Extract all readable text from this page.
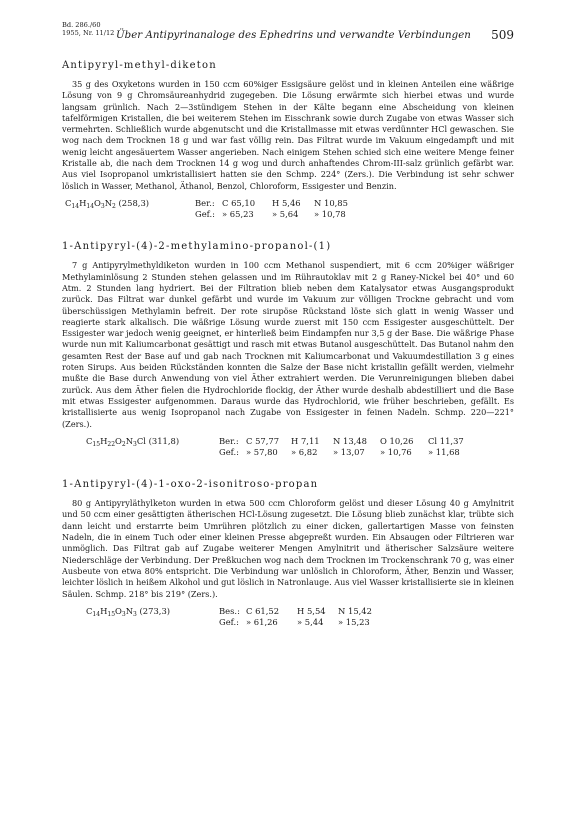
Bd. 286./60
1955, Nr. 11/12 Über Antipyrinanaloge des Ephedrins und verwandte Verbindungen 509
Antipyryl-methyl-diketon

35 g des Oxyketons wurden in 150 ccm 60%iger Essigsäure gelöst und in kleinen Anteilen eine wäßrige Lösung von 9 g Chromsäureanhydrid zugegeben. Die Lösung erwärmte sich hierbei etwas und wurde langsam grünlich. Nach 2—3stündigem Stehen in der Kälte begann eine Abscheidung von kleinen tafelförmigen Kristallen, die bei weiterem Stehen im Eisschrank sowie durch Zugabe von etwas Wasser sich vermehrten. Schließlich wurde abgenutscht und die Kristallmasse mit etwas verdünnter HCl gewaschen. Sie wog nach dem Trocknen 18 g und war fast völlig rein. Das Filtrat wurde im Vakuum eingedampft und mit wenig leicht angesäuertem Wasser angerieben. Nach einigem Stehen schied sich eine weitere Menge feiner Kristalle ab, die nach dem Trocknen 14 g wog und durch anhaftendes Chrom-III-salz grünlich gefärbt war. Aus viel Isopropanol umkristallisiert hatten sie den Schmp. 224° (Zers.). Die Verbindung ist sehr schwer löslich in Wasser, Methanol, Äthanol, Benzol, Chloroform, Essigester und Benzin.

$C_{14}H_{14}O_3N_2$ (258,3)	Ber.: C 65,10 H 5,46 N 10,85
Gef.: » 65,23 » 5,64 » 10,78
1-Antipyryl-(4)-2-methylamino-propanol-(1)

7 g Antipyrylmethyldiketon wurden in 100 ccm Methanol suspendiert, mit 6 ccm 20%iger wäßriger Methylaminlösung 2 Stunden stehen gelassen und im Rührautoklav mit 2 g Raney-Nickel bei 40° und 60 Atm. 2 Stunden lang hydriert. Bei der Filtration blieb neben dem Katalysator etwas Ausgangsprodukt zurück. Das Filtrat war dunkel gefärbt und wurde im Vakuum zur völligen Trockne gebracht und vom überschüssigen Methylamin befreit. Der rote sirupöse Rückstand löste sich glatt in wenig Wasser und reagierte stark alkalisch. Die wäßrige Lösung wurde zuerst mit 150 ccm Essigester ausgeschüttelt. Der Essigester war jedoch wenig geeignet, er hinterließ beim Eindampfen nur 3,5 g der Base. Die wäßrige Phase wurde nun mit Kaliumcarbonat gesättigt und rasch mit etwas Butanol ausgeschüttelt. Das Butanol nahm den gesamten Rest der Base auf und gab nach Trocknen mit Kaliumcarbonat und Vakuumdestillation 3 g eines roten Sirups. Aus beiden Rückständen konnten die Salze der Base nicht kristallin gefällt werden, vielmehr mußte die Base durch Anwendung von viel Äther extrahiert werden. Die Verunreinigungen blieben dabei zurück. Aus dem Äther fielen die Hydrochloride flockig, der Äther wurde deshalb abdestilliert und die Base mit etwas Essigester aufgenommen. Daraus wurde das Hydrochlorid, wie früher beschrieben, gefällt. Es kristallisierte aus wenig Isopropanol nach Zugabe von Essigester in feinen Nadeln. Schmp. 220—221° (Zers.).

$C_{15}H_{22}O_2N_3Cl$ (311,8)	Ber.: C 57,77 H 7,11 N 13,48 O 10,26 Cl 11,37
Gef.: » 57,80 » 6,82 » 13,07 » 10,76 » 11,68
1-Antipyryl-(4)-1-oxo-2-isonitroso-propan

80 g Antipyryläthylketon wurden in etwa 500 ccm Chloroform gelöst und dieser Lösung 40 g Amylnitrit und 50 ccm einer gesättigten ätherischen HCl-Lösung zugesetzt. Die Lösung blieb zunächst klar, trübte sich dann leicht und erstarrte beim Umrühren plötzlich zu einer dicken, gallertartigen Masse von feinsten Nadeln, die in einem Tuch oder einer kleinen Presse abgepreßt wurden. Ein Absaugen oder Filtrieren war unmöglich. Das Filtrat gab auf Zugabe weiterer Mengen Amylnitrit und ätherischer Salzsäure weitere Niederschläge der Verbindung. Der Preßkuchen wog nach dem Trocknen im Trockenschrank 70 g, was einer Ausbeute von etwa 80% entspricht. Die Verbindung war unlöslich in Chloroform, Äther, Benzin und Wasser, leichter löslich in heißem Alkohol und gut löslich in Natronlauge. Aus viel Wasser kristallisierte sie in kleinen Säulen. Schmp. 218° bis 219° (Zers.).

$C_{14}H_{15}O_3N_3$ (273,3)	Bes.: C 61,52 H 5,54 N 15,42
Gef.: » 61,26 » 5,44 » 15,23
